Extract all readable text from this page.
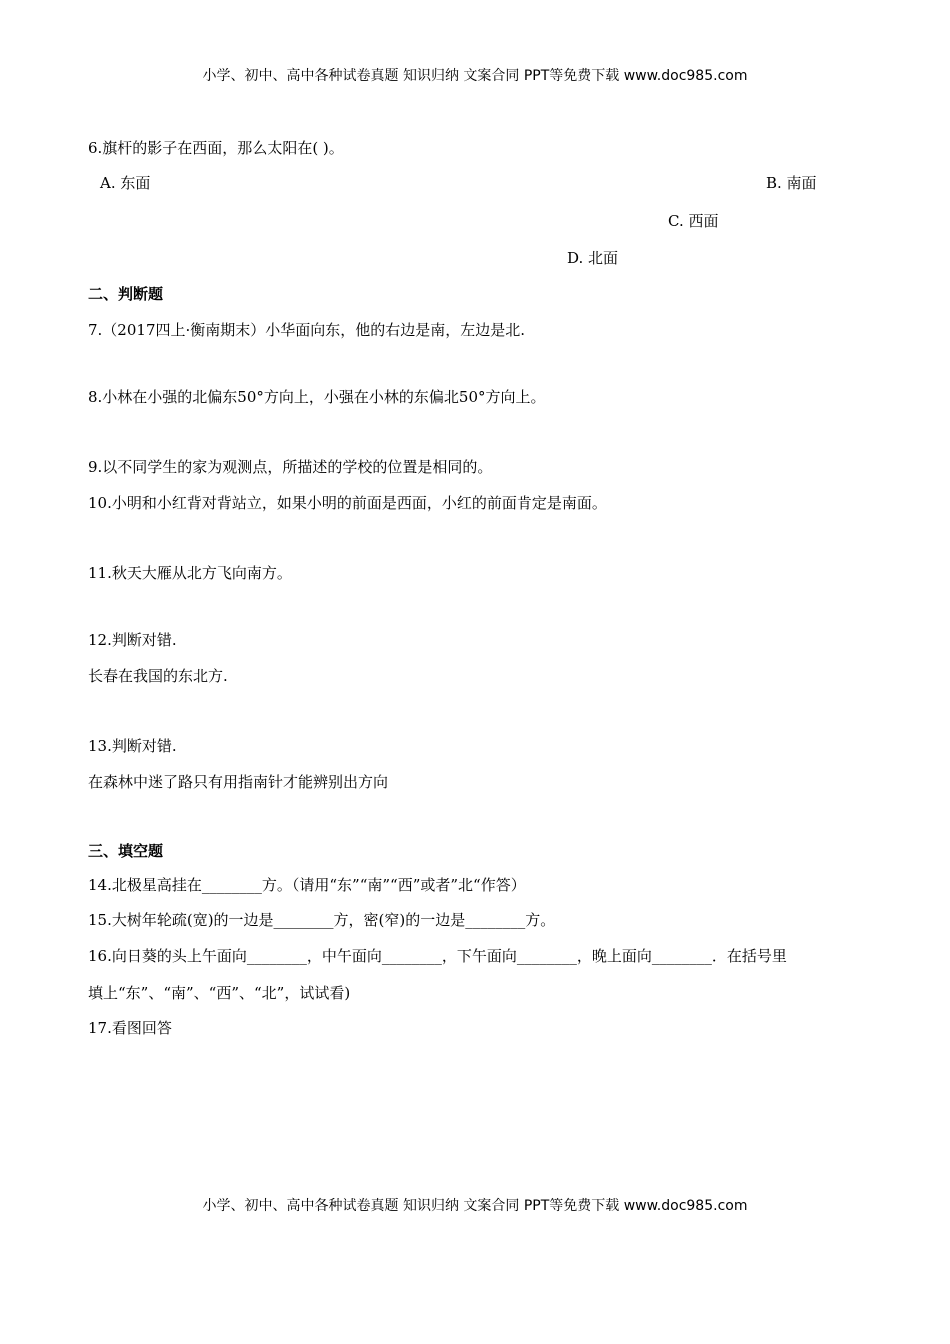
小学、初中、高中各种试卷真题 知识归纳 文案合同 PPT等免费下载 www.doc985.com
6.旗杆的影子在西面，那么太阳在( )。
A. 东面	B. 南面
C. 西面
D. 北面
二、判断题
7.（2017四上·衡南期末）小华面向东，他的右边是南，左边是北.
8.小林在小强的北偏东50°方向上，小强在小林的东偏北50°方向上。
9.以不同学生的家为观测点，所描述的学校的位置是相同的。
10.小明和小红背对背站立，如果小明的前面是西面，小红的前面肯定是南面。
11.秋天大雁从北方飞向南方。
12.判断对错.
长春在我国的东北方.
13.判断对错.
在森林中迷了路只有用指南针才能辨别出方向
三、填空题
14.北极星高挂在________方。（请用“东”“南”“西”或者”北“作答）
15.大树年轮疏(宽)的一边是________方，密(窄)的一边是________方。
16.向日葵的头上午面向________，中午面向________，下午面向________，晚上面向________．在括号里
填上“东”、“南”、“西”、“北”，试试看)
17.看图回答
小学、初中、高中各种试卷真题 知识归纳 文案合同 PPT等免费下载 www.doc985.com
